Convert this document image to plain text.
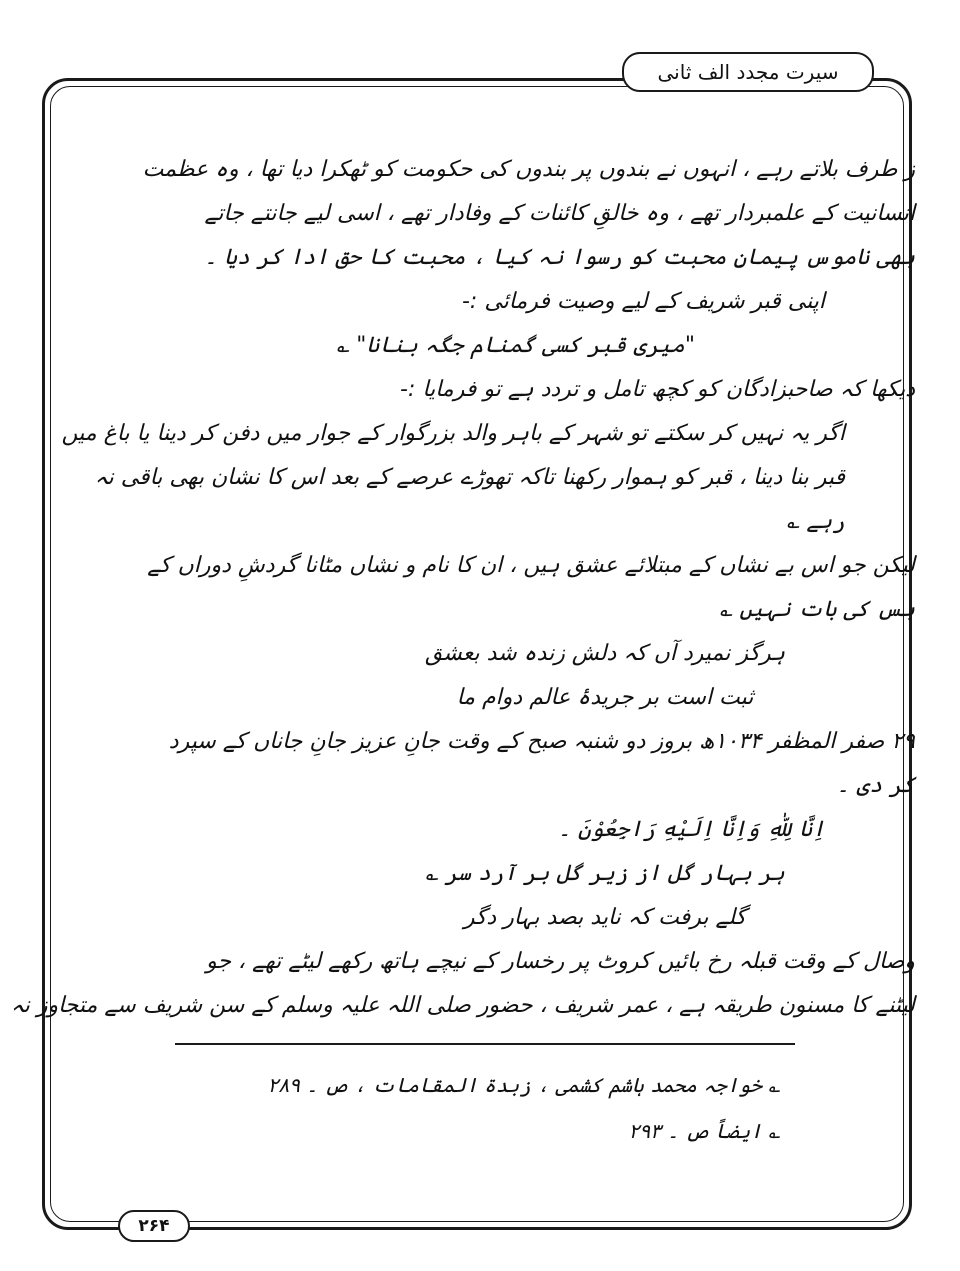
سیرت مجدد الف ثانی
ز طرف بلاتے رہے ، انہوں نے بندوں پر بندوں کی حکومت کو ٹھکرا دیا تھا ، وہ عظمت
انسانیت کے علمبردار تھے ، وہ خالقِ کائنات کے وفادار تھے ، اسی لیے جانتے جاتے
بھی ناموس پیمانِ محبت کو رسوا نہ کیا ، محبت کا حق ادا کر دیا ۔
اپنی قبر شریف کے لیے وصیت فرمائی :-
"میری قبر کسی گمنام جگہ بنانا" ؎
دیکھا کہ صاحبزادگان کو کچھ تامل و تردد ہے تو فرمایا :-
اگر یہ نہیں کر سکتے تو شہر کے باہر والد بزرگوار کے جوار میں دفن کر دینا یا باغ میں
قبر بنا دینا ، قبر کو ہموار رکھنا تاکہ تھوڑے عرصے کے بعد اس کا نشان بھی باقی نہ
رہے ؎
لیکن جو اس بے نشاں کے مبتلائے عشق ہیں ، ان کا نام و نشاں مٹانا گردشِ دوراں کے
بس کی بات نہیں ؎
ہرگز نمیرد آں کہ دلش زندہ شد بعشق
ثبت است بر جریدۂ عالم دوام ما
۲۹ صفر المظفر ۱۰۳۴ھ بروز دو شنبہ صبح کے وقت جانِ عزیز جانِ جاناں کے سپرد
کر دی ۔
اِنَّا لِلّٰهِ وَاِنَّا اِلَيْهِ رَاجِعُوْنَ ۔
ہر بہار گل از زیر گل بر آرد سر ؎
گلے برفت کہ ناید بصد بہار دگر
وصال کے وقت قبلہ رخ بائیں کروٹ پر رخسار کے نیچے ہاتھ رکھے لیٹے تھے ، جو
لیٹنے کا مسنون طریقہ ہے ، عمر شریف ، حضور صلی اللہ علیہ وسلم کے سن شریف سے متجاوز نہ
؎ خواجہ محمد ہاشم کشمی ، زبدۃ المقامات ، ص ۔ ۲۸۹
؎ ایضاً ص ۔ ۲۹۳
۲۶۴
